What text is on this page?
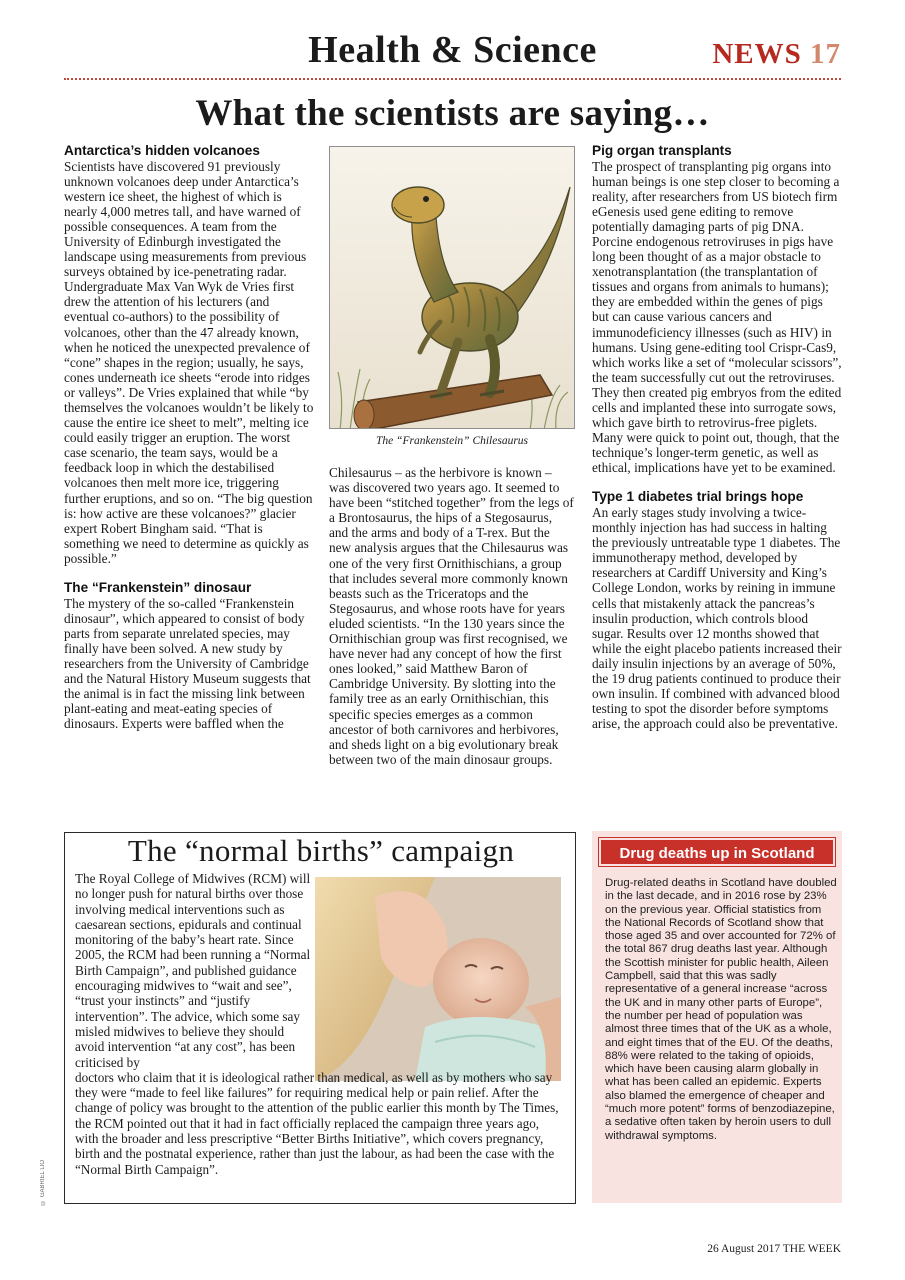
Health & Science	NEWS 17
What the scientists are saying…

Antarctica’s hidden volcanoes

Scientists have discovered 91 previously unknown volcanoes deep under Antarctica’s western ice sheet, the highest of which is nearly 4,000 metres tall, and have warned of possible consequences. A team from the University of Edinburgh investigated the landscape using measurements from previous surveys obtained by ice-penetrating radar. Undergraduate Max Van Wyk de Vries first drew the attention of his lecturers (and eventual co-authors) to the possibility of volcanoes, other than the 47 already known, when he noticed the unexpected prevalence of “cone” shapes in the region; usually, he says, cones underneath ice sheets “erode into ridges or valleys”. De Vries explained that while “by themselves the volcanoes wouldn’t be likely to cause the entire ice sheet to melt”, melting ice could easily trigger an eruption. The worst case scenario, the team says, would be a feedback loop in which the destabilised volcanoes then melt more ice, triggering further eruptions, and so on. “The big question is: how active are these volcanoes?” glacier expert Robert Bingham said. “That is something we need to determine as quickly as possible.”

The “Frankenstein” dinosaur

The mystery of the so-called “Frankenstein dinosaur”, which appeared to consist of body parts from separate unrelated species, may finally have been solved. A new study by researchers from the University of Cambridge and the Natural History Museum suggests that the animal is in fact the missing link between plant-eating and meat-eating species of dinosaurs. Experts were baffled when the

The “Frankenstein” Chilesaurus

Chilesaurus – as the herbivore is known – was discovered two years ago. It seemed to have been “stitched together” from the legs of a Brontosaurus, the hips of a Stegosaurus, and the arms and body of a T-rex. But the new analysis argues that the Chilesaurus was one of the very first Ornithischians, a group that includes several more commonly known beasts such as the Triceratops and the Stegosaurus, and whose roots have for years eluded scientists. “In the 130 years since the Ornithischian group was first recognised, we have never had any concept of how the first ones looked,” said Matthew Baron of Cambridge University. By slotting into the family tree as an early Ornithischian, this specific species emerges as a common ancestor of both carnivores and herbivores, and sheds light on a big evolutionary break between two of the main dinosaur groups.

Pig organ transplants

The prospect of transplanting pig organs into human beings is one step closer to becoming a reality, after researchers from US biotech firm eGenesis used gene editing to remove potentially damaging parts of pig DNA. Porcine endogenous retroviruses in pigs have long been thought of as a major obstacle to xenotransplantation (the transplantation of tissues and organs from animals to humans); they are embedded within the genes of pigs but can cause various cancers and immunodeficiency illnesses (such as HIV) in humans. Using gene-editing tool Crispr-Cas9, which works like a set of “molecular scissors”, the team successfully cut out the retroviruses. They then created pig embryos from the edited cells and implanted these into surrogate sows, which gave birth to retrovirus-free piglets. Many were quick to point out, though, that the technique’s longer-term genetic, as well as ethical, implications have yet to be examined.

Type 1 diabetes trial brings hope

An early stages study involving a twice-monthly injection has had success in halting the previously untreatable type 1 diabetes. The immunotherapy method, developed by researchers at Cardiff University and King’s College London, works by reining in immune cells that mistakenly attack the pancreas’s insulin production, which controls blood sugar. Results over 12 months showed that while the eight placebo patients increased their daily insulin injections by an average of 50%, the 19 drug patients continued to produce their own insulin. If combined with advanced blood testing to spot the disorder before symptoms arise, the approach could also be preventative.

The “normal births” campaign

The Royal College of Midwives (RCM) will no longer push for natural births over those involving medical interventions such as caesarean sections, epidurals and continual monitoring of the baby’s heart rate. Since 2005, the RCM had been running a “Normal Birth Campaign”, and published guidance encouraging midwives to “wait and see”, “trust your instincts” and “justify intervention”. The advice, which some say misled midwives to believe they should avoid intervention “at any cost”, has been criticised by

doctors who claim that it is ideological rather than medical, as well as by mothers who say they were “made to feel like failures” for requiring medical help or pain relief. After the change of policy was brought to the attention of the public earlier this month by The Times, the RCM pointed out that it had in fact officially replaced the campaign three years ago, with the broader and less prescriptive “Better Births Initiative”, which covers pregnancy, birth and the postnatal experience, rather than just the labour, as had been the case with the “Normal Birth Campaign”.

© GABRIEL LIO
Drug deaths up in Scotland

Drug-related deaths in Scotland have doubled in the last decade, and in 2016 rose by 23% on the previous year. Official statistics from the National Records of Scotland show that those aged 35 and over accounted for 72% of the total 867 drug deaths last year. Although the Scottish minister for public health, Aileen Campbell, said that this was sadly representative of a general increase “across the UK and in many other parts of Europe”, the number per head of population was almost three times that of the UK as a whole, and eight times that of the EU. Of the deaths, 88% were related to the taking of opioids, which have been causing alarm globally in what has been called an epidemic. Experts also blamed the emergence of cheaper and “much more potent” forms of benzodiazepine, a sedative often taken by heroin users to dull withdrawal symptoms.

26 August 2017 THE WEEK
